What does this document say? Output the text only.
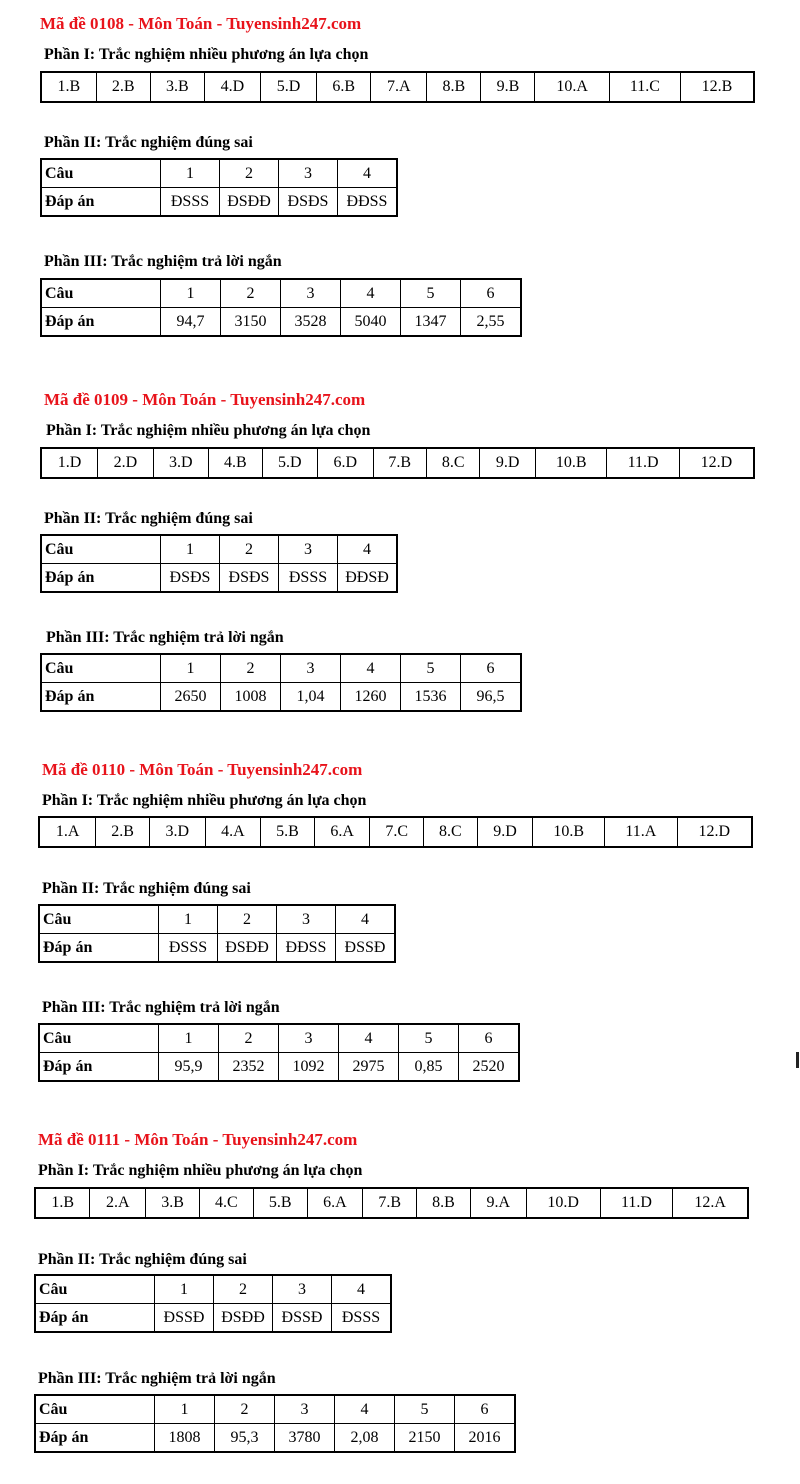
Mã đề 0108 - Môn Toán - Tuyensinh247.com
Phần I: Trắc nghiệm nhiều phương án lựa chọn
1.B	2.B	3.B	4.D	5.D	6.B	7.A	8.B	9.B	10.A	11.C	12.B
Phần II: Trắc nghiệm đúng sai
Câu	1	2	3	4
Đáp án	ĐSSS	ĐSĐĐ	ĐSĐS	ĐĐSS
Phần III: Trắc nghiệm trả lời ngắn
Câu	1	2	3	4	5	6
Đáp án	94,7	3150	3528	5040	1347	2,55
Mã đề 0109 - Môn Toán - Tuyensinh247.com
Phần I: Trắc nghiệm nhiều phương án lựa chọn
1.D	2.D	3.D	4.B	5.D	6.D	7.B	8.C	9.D	10.B	11.D	12.D
Phần II: Trắc nghiệm đúng sai
Câu	1	2	3	4
Đáp án	ĐSĐS	ĐSĐS	ĐSSS	ĐĐSĐ
Phần III: Trắc nghiệm trả lời ngắn
Câu	1	2	3	4	5	6
Đáp án	2650	1008	1,04	1260	1536	96,5
Mã đề 0110 - Môn Toán - Tuyensinh247.com
Phần I: Trắc nghiệm nhiều phương án lựa chọn
1.A	2.B	3.D	4.A	5.B	6.A	7.C	8.C	9.D	10.B	11.A	12.D
Phần II: Trắc nghiệm đúng sai
Câu	1	2	3	4
Đáp án	ĐSSS	ĐSĐĐ	ĐĐSS	ĐSSĐ
Phần III: Trắc nghiệm trả lời ngắn
Câu	1	2	3	4	5	6
Đáp án	95,9	2352	1092	2975	0,85	2520
Mã đề 0111 - Môn Toán - Tuyensinh247.com
Phần I: Trắc nghiệm nhiều phương án lựa chọn
1.B	2.A	3.B	4.C	5.B	6.A	7.B	8.B	9.A	10.D	11.D	12.A
Phần II: Trắc nghiệm đúng sai
Câu	1	2	3	4
Đáp án	ĐSSĐ	ĐSĐĐ	ĐSSĐ	ĐSSS
Phần III: Trắc nghiệm trả lời ngắn
Câu	1	2	3	4	5	6
Đáp án	1808	95,3	3780	2,08	2150	2016
